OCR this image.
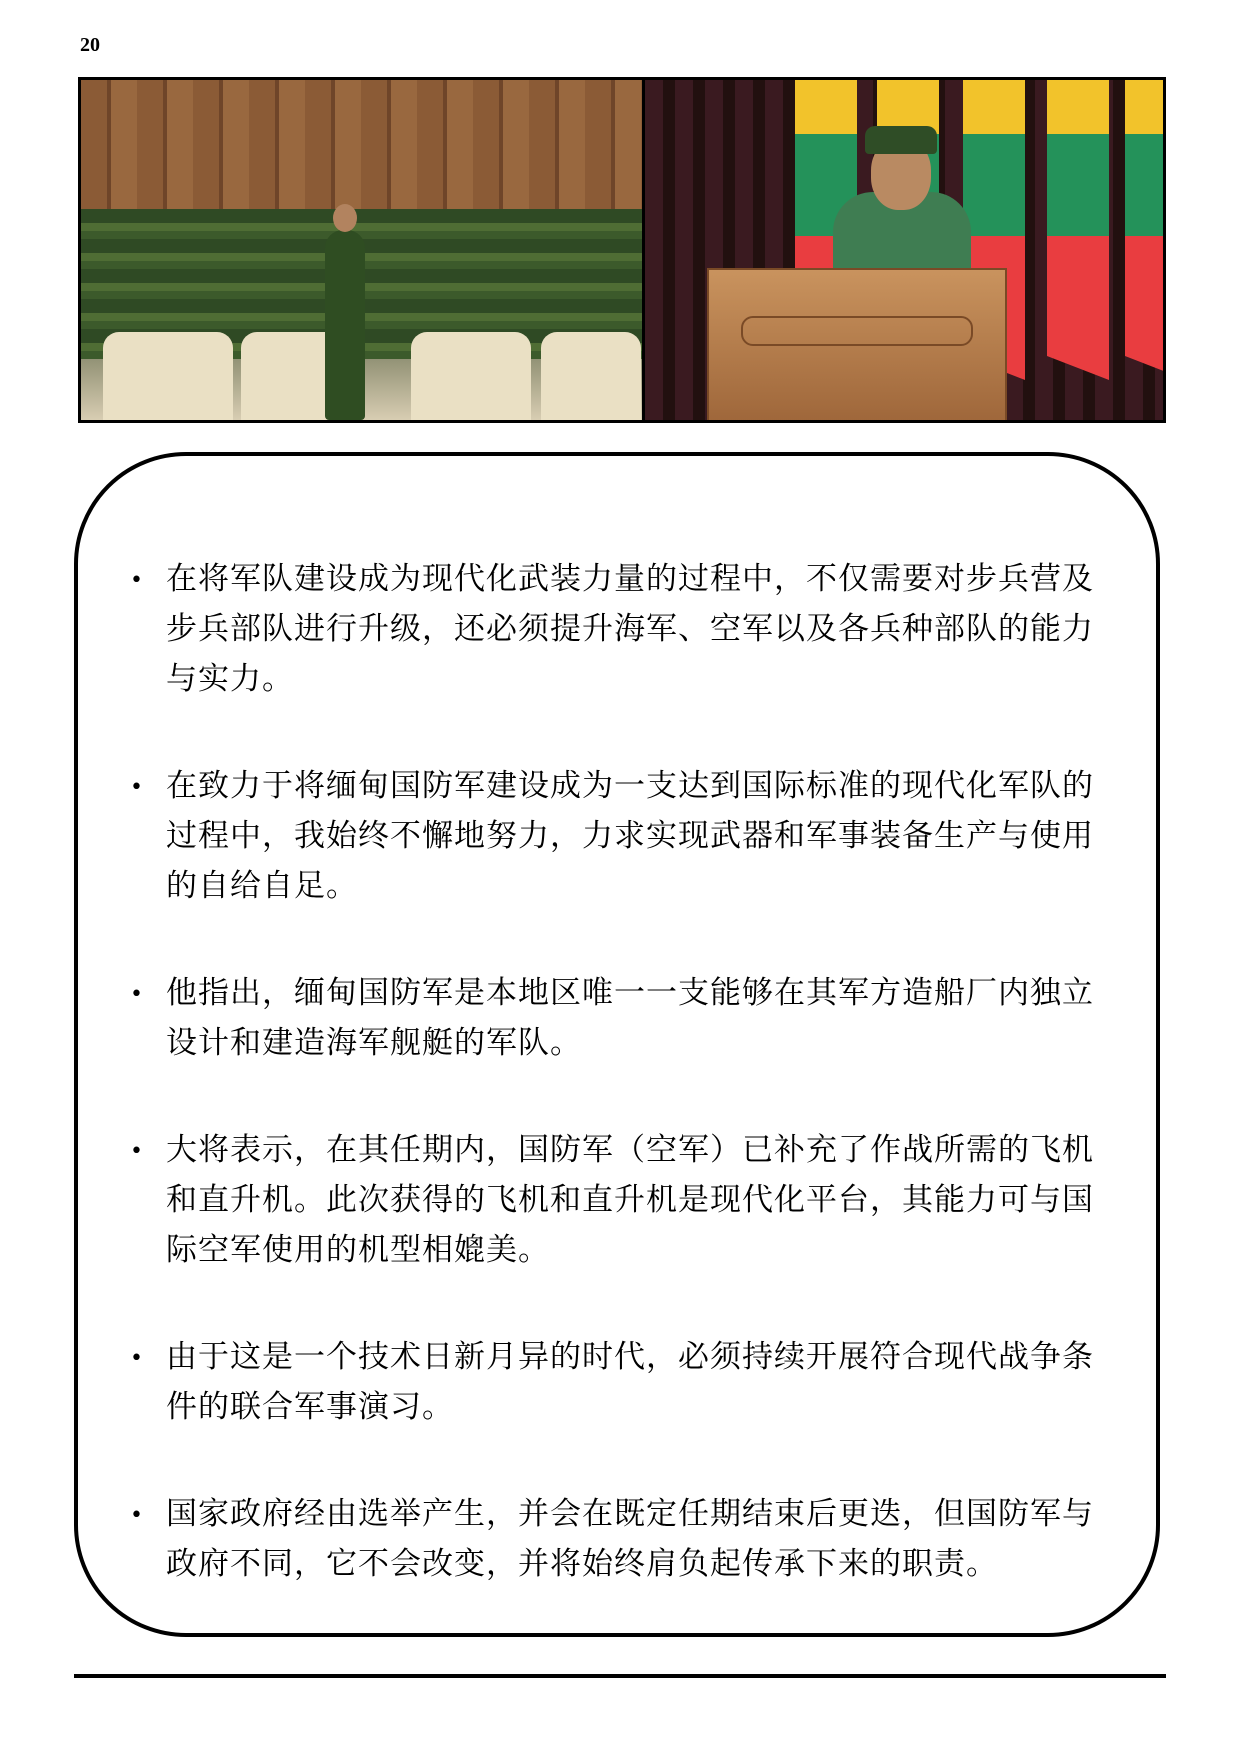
20
• 在将军队建设成为现代化武装力量的过程中，不仅需要对步兵营及步兵部队进行升级，还必须提升海军、空军以及各兵种部队的能力与实力。
• 在致力于将缅甸国防军建设成为一支达到国际标准的现代化军队的过程中，我始终不懈地努力，力求实现武器和军事装备生产与使用的自给自足。
• 他指出，缅甸国防军是本地区唯一一支能够在其军方造船厂内独立设计和建造海军舰艇的军队。
• 大将表示，在其任期内，国防军（空军）已补充了作战所需的飞机和直升机。此次获得的飞机和直升机是现代化平台，其能力可与国际空军使用的机型相媲美。
• 由于这是一个技术日新月异的时代，必须持续开展符合现代战争条件的联合军事演习。
• 国家政府经由选举产生，并会在既定任期结束后更迭，但国防军与政府不同，它不会改变，并将始终肩负起传承下来的职责。
